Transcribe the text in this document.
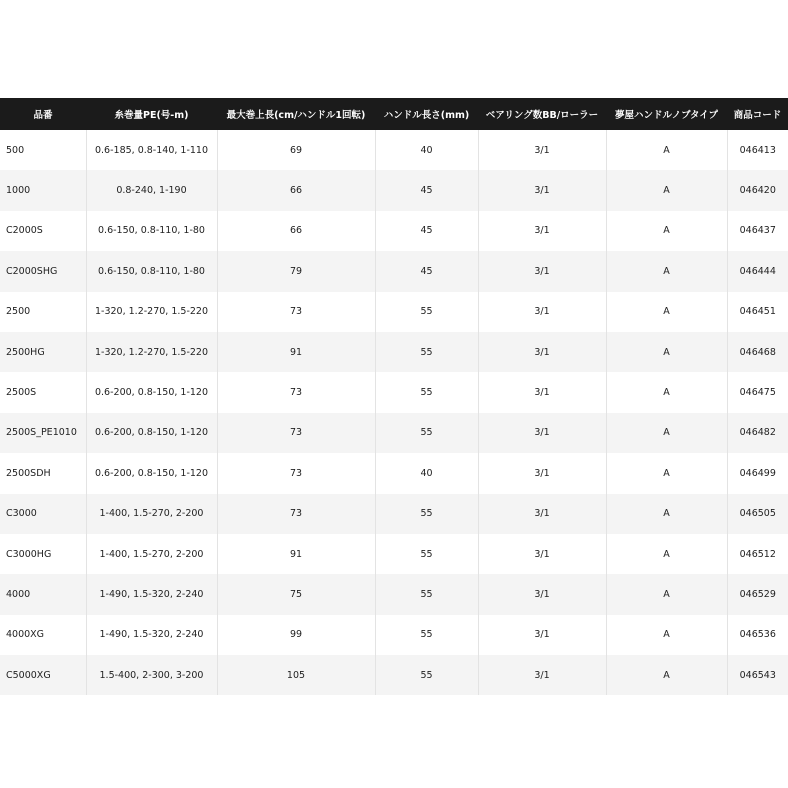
品番	糸巻量PE(号-m)	最大巻上長(cm/ハンドル1回転)	ハンドル長さ(mm)	ベアリング数BB/ローラー	夢屋ハンドルノブタイプ	商品コード
500	0.6-185, 0.8-140, 1-110	69	40	3/1	A	046413
1000	0.8-240, 1-190	66	45	3/1	A	046420
C2000S	0.6-150, 0.8-110, 1-80	66	45	3/1	A	046437
C2000SHG	0.6-150, 0.8-110, 1-80	79	45	3/1	A	046444
2500	1-320, 1.2-270, 1.5-220	73	55	3/1	A	046451
2500HG	1-320, 1.2-270, 1.5-220	91	55	3/1	A	046468
2500S	0.6-200, 0.8-150, 1-120	73	55	3/1	A	046475
2500S_PE1010	0.6-200, 0.8-150, 1-120	73	55	3/1	A	046482
2500SDH	0.6-200, 0.8-150, 1-120	73	40	3/1	A	046499
C3000	1-400, 1.5-270, 2-200	73	55	3/1	A	046505
C3000HG	1-400, 1.5-270, 2-200	91	55	3/1	A	046512
4000	1-490, 1.5-320, 2-240	75	55	3/1	A	046529
4000XG	1-490, 1.5-320, 2-240	99	55	3/1	A	046536
C5000XG	1.5-400, 2-300, 3-200	105	55	3/1	A	046543
